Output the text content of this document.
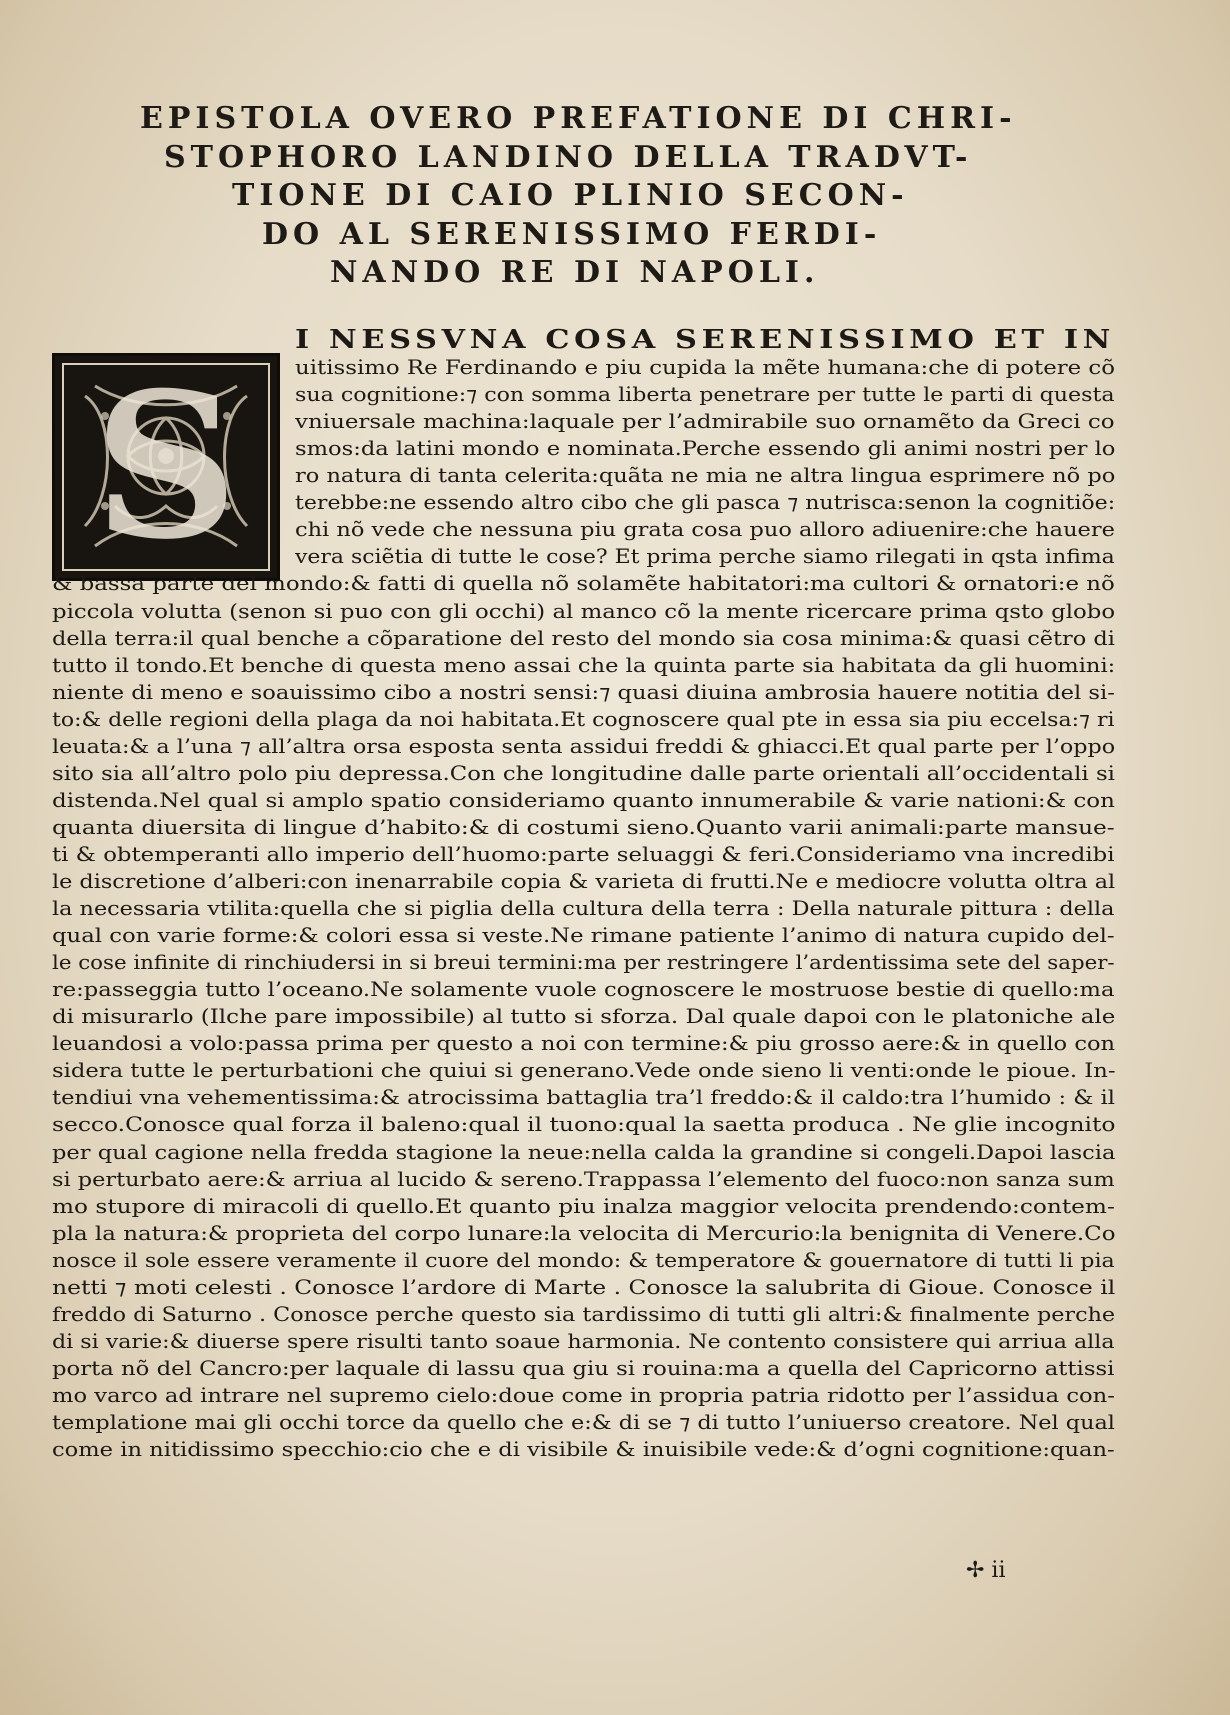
EPISTOLA OVERO PREFATIONE DI CHRI-
STOPHORO LANDINO DELLA TRADVT-
TIONE DI CAIO PLINIO SECON-
DO AL SERENISSIMO FERDI-
NANDO RE DI NAPOLI.
S
I NESSVNA COSA SERENISSIMO ET IN
uitissimo Re Ferdinando e piu cupida la mẽte humana:che di potere cõ
sua cognitione:⁊ con somma liberta penetrare per tutte le parti di questa
vniuersale machina:laquale per l’admirabile suo ornamẽto da Greci co
smos:da latini mondo e nominata.Perche essendo gli animi nostri per lo
ro natura di tanta celerita:quãta ne mia ne altra lingua esprimere nõ po
terebbe:ne essendo altro cibo che gli pasca ⁊ nutrisca:senon la cognitiõe:
chi nõ vede che nessuna piu grata cosa puo alloro adiuenire:che hauere
vera sciẽtia di tutte le cose? Et prima perche siamo rilegati in qsta infima
& bassa parte del mondo:& fatti di quella nõ solamẽte habitatori:ma cultori & ornatori:e nõ
piccola volutta (senon si puo con gli occhi) al manco cõ la mente ricercare prima qsto globo
della terra:il qual benche a cõparatione del resto del mondo sia cosa minima:& quasi cẽtro di
tutto il tondo.Et benche di questa meno assai che la quinta parte sia habitata da gli huomini:
niente di meno e soauissimo cibo a nostri sensi:⁊ quasi diuina ambrosia hauere notitia del si-
to:& delle regioni della plaga da noi habitata.Et cognoscere qual pte in essa sia piu eccelsa:⁊ ri
leuata:& a l’una ⁊ all’altra orsa esposta senta assidui freddi & ghiacci.Et qual parte per l’oppo
sito sia all’altro polo piu depressa.Con che longitudine dalle parte orientali all’occidentali si
distenda.Nel qual si amplo spatio consideriamo quanto innumerabile & varie nationi:& con
quanta diuersita di lingue d’habito:& di costumi sieno.Quanto varii animali:parte mansue-
ti & obtemperanti allo imperio dell’huomo:parte seluaggi & feri.Consideriamo vna incredibi
le discretione d’alberi:con inenarrabile copia & varieta di frutti.Ne e mediocre volutta oltra al
la necessaria vtilita:quella che si piglia della cultura della terra : Della naturale pittura : della
qual con varie forme:& colori essa si veste.Ne rimane patiente l’animo di natura cupido del-
le cose infinite di rinchiudersi in si breui termini:ma per restringere l’ardentissima sete del saper-
re:passeggia tutto l’oceano.Ne solamente vuole cognoscere le mostruose bestie di quello:ma
di misurarlo (Ilche pare impossibile) al tutto si sforza. Dal quale dapoi con le platoniche ale
leuandosi a volo:passa prima per questo a noi con termine:& piu grosso aere:& in quello con
sidera tutte le perturbationi che quiui si generano.Vede onde sieno li venti:onde le pioue. In-
tendiui vna vehementissima:& atrocissima battaglia tra’l freddo:& il caldo:tra l’humido : & il
secco.Conosce qual forza il baleno:qual il tuono:qual la saetta produca . Ne glie incognito
per qual cagione nella fredda stagione la neue:nella calda la grandine si congeli.Dapoi lascia
si perturbato aere:& arriua al lucido & sereno.Trappassa l’elemento del fuoco:non sanza sum
mo stupore di miracoli di quello.Et quanto piu inalza maggior velocita prendendo:contem-
pla la natura:& proprieta del corpo lunare:la velocita di Mercurio:la benignita di Venere.Co
nosce il sole essere veramente il cuore del mondo: & temperatore & gouernatore di tutti li pia
netti ⁊ moti celesti . Conosce l’ardore di Marte . Conosce la salubrita di Gioue. Conosce il
freddo di Saturno . Conosce perche questo sia tardissimo di tutti gli altri:& finalmente perche
di si varie:& diuerse spere risulti tanto soaue harmonia. Ne contento consistere qui arriua alla
porta nõ del Cancro:per laquale di lassu qua giu si rouina:ma a quella del Capricorno attissi
mo varco ad intrare nel supremo cielo:doue come in propria patria ridotto per l’assidua con-
templatione mai gli occhi torce da quello che e:& di se ⁊ di tutto l’uniuerso creatore. Nel qual
come in nitidissimo specchio:cio che e di visibile & inuisibile vede:& d’ogni cognitione:quan-
✢ ii
